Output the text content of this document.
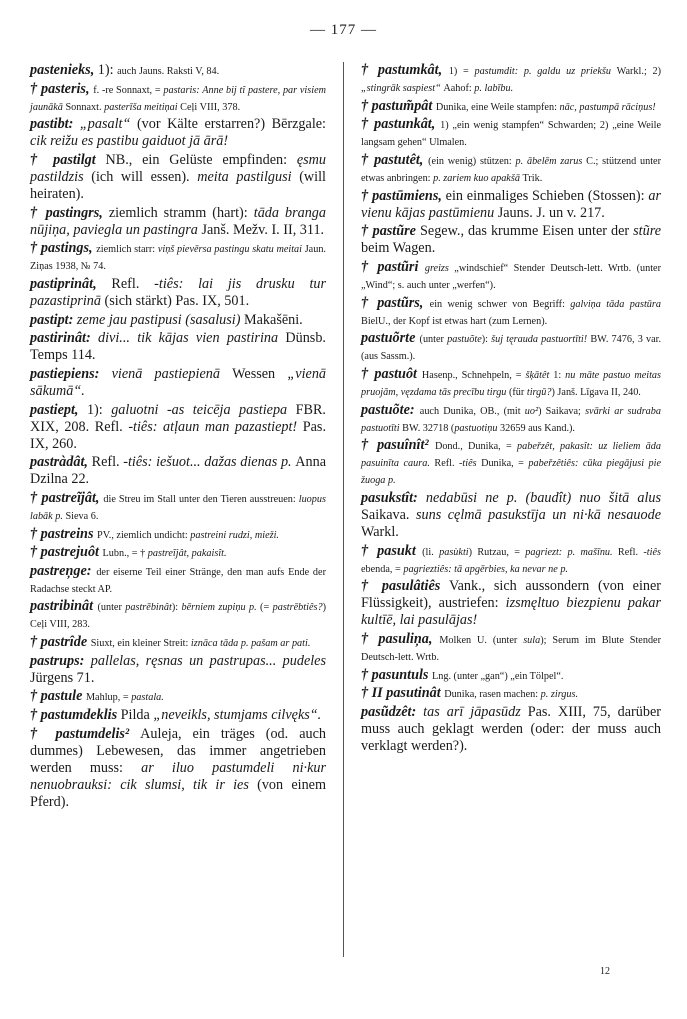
— 177 —

pastenieks, 1): auch Jauns. Raksti V, 84.

† pasteris, f. -re Sonnaxt, = pastaris: Anne bij tî pastere, par visiem jaunākā Sonnaxt. pasterīša meitiņai Ceļi VIII, 378.

pastibt: „pasalt“ (vor Kälte erstarren?) Bērzgale: cik reižu es pastibu gaiduot jā ārā!

† pastilgt NB., ein Gelüste empfinden: ęsmu pastildzis (ich will essen). meita pastilgusi (will heiraten).

† pastingrs, ziemlich stramm (hart): tāda branga nūjiņa, paviegla un pastingra Janš. Mežv. I. II, 311.

† pastings, ziemlich starr: viņš pievērsa pastingu skatu meitai Jaun. Ziņas 1938, № 74.

pastiprinât, Refl. -tiês: lai jis drusku tur pazastiprinā (sich stärkt) Pas. IX, 501.

pastipt: zeme jau pastipusi (sasalusi) Makašēni.

pastirinât: divi... tik kājas vien pastirina Dünsb. Temps 114.

pastiepiens: vienā pastiepienā Wessen „vienā sākumā“.

pastiept, 1): galuotni -as teicēja pastiepa FBR. XIX, 208. Refl. -tiês: atļaun man pazastiept! Pas. IX, 260.

pastràdât, Refl. -tiês: iešuot... dažas dienas p. Anna Dzilna 22.

† pastreĩjât, die Streu im Stall unter den Tieren ausstreuen: luopus labāk p. Sieva 6.

† pastreins PV., ziemlich undicht: pastreini rudzi, mieži.

† pastrejuôt Lubn., = † pastreĩjât, pakaisît.

pastreņge: der eiserne Teil einer Stränge, den man aufs Ende der Radachse steckt AP.

pastribinât (unter pastrēbinât): bērniem zupiņu p. (= pastrēbtiês?) Ceļi VIII, 283.

† pastrîde Siuxt, ein kleiner Streit: iznāca tāda p. pašam ar pati.

pastrups: pallelas, ręsnas un pastrupas... pudeles Jürgens 71.

† pastule Mahlup, = pastala.

† pastumdeklis Pilda „neveikls, stumjams cilvęks“.

† pastumdelis² Auleja, ein träges (od. auch dummes) Lebewesen, das immer angetrieben werden muss: ar iluo pastumdeli ni·kur nenuobrauksi: cik slumsi, tik ir ies (von einem Pferd).

† pastumkât, 1) = pastumdit: p. galdu uz priekšu Warkl.; 2) „stingrāk saspiest“ Aahof: p. labību.

† pastum̃pât Dunika, eine Weile stampfen: nāc, pastumpā rāciņus!

† pastunkât, 1) „ein wenig stampfen“ Schwarden; 2) „eine Weile langsam gehen“ Ulmalen.

† pastutêt, (ein wenig) stützen: p. ābelēm zarus C.; stützend unter etwas anbringen: p. zariem kuo apakšā Trik.

† pastūmiens, ein einmaliges Schieben (Stossen): ar vienu kājas pastūmienu Jauns. J. un v. 217.

† pastũre Segew., das krumme Eisen unter der stũre beim Wagen.

† pastũri greizs „windschief“ Stender Deutsch-lett. Wrtb. (unter „Wind“; s. auch unter „werfen“).

† pastũrs, ein wenig schwer von Begriff: galviņa tāda pastūra BielU., der Kopf ist etwas hart (zum Lernen).

pastuõrte (unter pastuõte): šuj tęrauda pastuortīti! BW. 7476, 3 var. (aus Sassm.).

† pastuôt Hasenp., Schnehpeln, = šķātêt 1: nu māte pastuo meitas pruojām, vęzdama tās precību tirgu (für tirgū?) Janš. Līgava II, 240.

pastuõte: auch Dunika, OB., (mit uo²) Saikava; svārki ar sudraba pastuotīti BW. 32718 (pastuotiņu 32659 aus Kand.).

† pasuînît² Dond., Dunika, = pabeřzêt, pakasît: uz lieliem āda pasuinīta caura. Refl. -tiês Dunika, = pabeřzêtiês: cūka piegājusi pie žuoga p.

pasukstît: nedabūsi ne p. (baudît) nuo šitā alus Saikava. suns cęlmā pasukstīja un ni·kā nesauode Warkl.

† pasukt (li. pasùkti) Rutzau, = pagriezt: p. mašīnu. Refl. -tiês ebenda, = pagrieztiês: tā apgērbies, ka nevar ne p.

† pasulâtiês Vank., sich aussondern (von einer Flüssigkeit), austriefen: izsmęltuo biezpienu pakar kultīē, lai pasulājas!

† pasuliņa, Molken U. (unter sula); Serum im Blute Stender Deutsch-lett. Wrtb.

† pasuntuls Lng. (unter „gan“) „ein Tölpel“.

† II pasutinât Dunika, rasen machen: p. zirgus.

pasũdzêt: tas arī jāpasūdz Pas. XIII, 75, darüber muss auch geklagt werden (oder: der muss auch verklagt werden?).

12
